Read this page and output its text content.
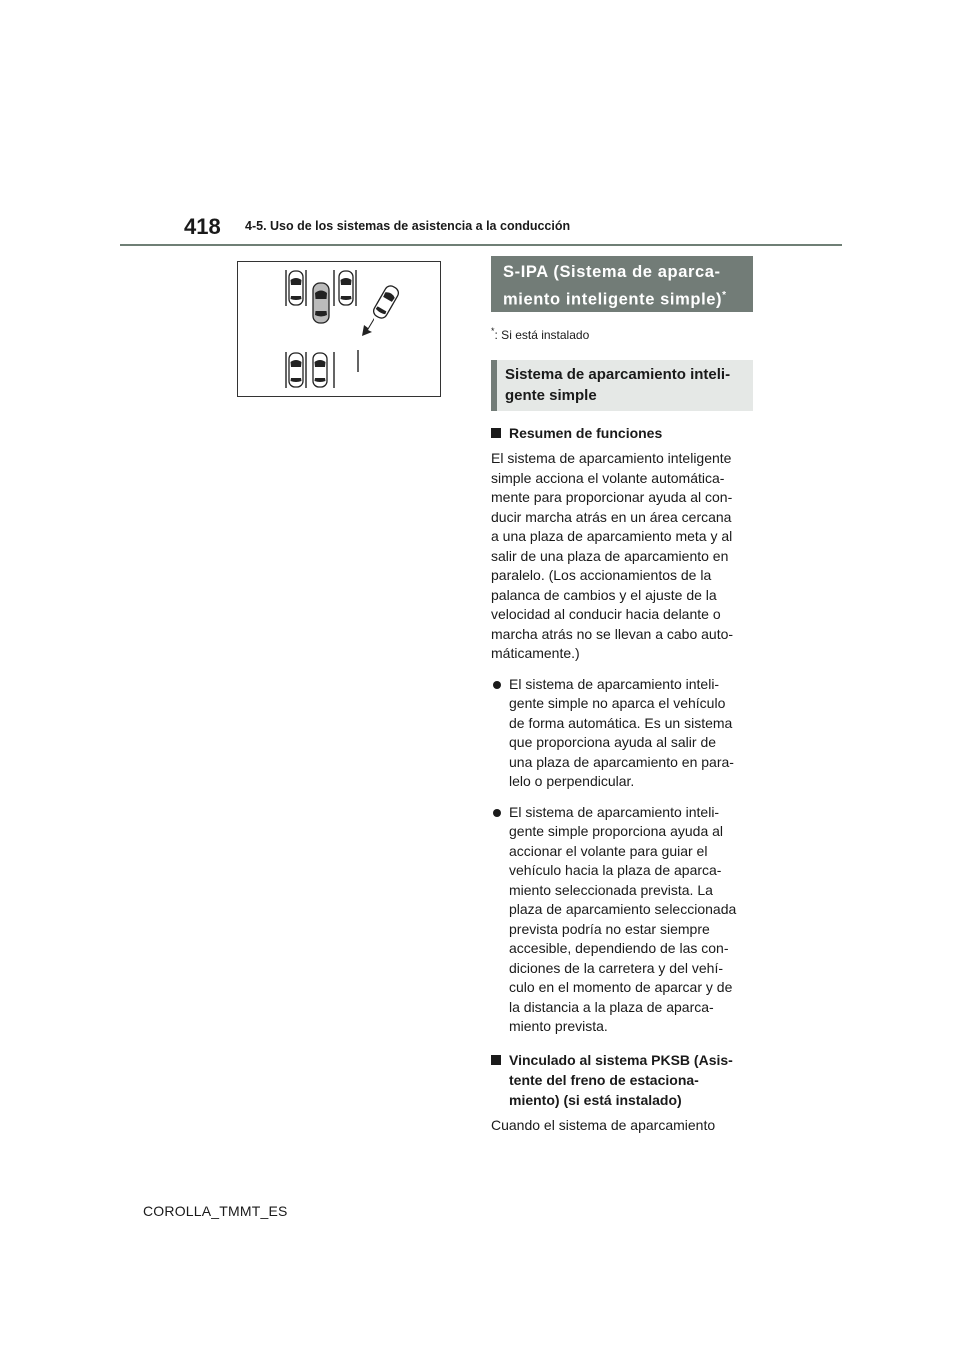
418 4-5. Uso de los sistemas de asistencia a la conducción
S-IPA (Sistema de aparca-
miento inteligente simple)*
*: Si está instalado
Sistema de aparcamiento inteli-
gente simple
Resumen de funciones

El sistema de aparcamiento inteligente

simple acciona el volante automática-

mente para proporcionar ayuda al con-

ducir marcha atrás en un área cercana

a una plaza de aparcamiento meta y al

salir de una plaza de aparcamiento en

paralelo. (Los accionamientos de la

palanca de cambios y el ajuste de la

velocidad al conducir hacia delante o

marcha atrás no se llevan a cabo auto-

máticamente.)

El sistema de aparcamiento inteli-
gente simple no aparca el vehículo
de forma automática. Es un sistema
que proporciona ayuda al salir de
una plaza de aparcamiento en para-
lelo o perpendicular.
El sistema de aparcamiento inteli-
gente simple proporciona ayuda al
accionar el volante para guiar el
vehículo hacia la plaza de aparca-
miento seleccionada prevista. La
plaza de aparcamiento seleccionada
prevista podría no estar siempre
accesible, dependiendo de las con-
diciones de la carretera y del vehí-
culo en el momento de aparcar y de
la distancia a la plaza de aparca-
miento prevista.
Vinculado al sistema PKSB (Asis-
tente del freno de estaciona-
miento) (si está instalado)

Cuando el sistema de aparcamiento

COROLLA_TMMT_ES
